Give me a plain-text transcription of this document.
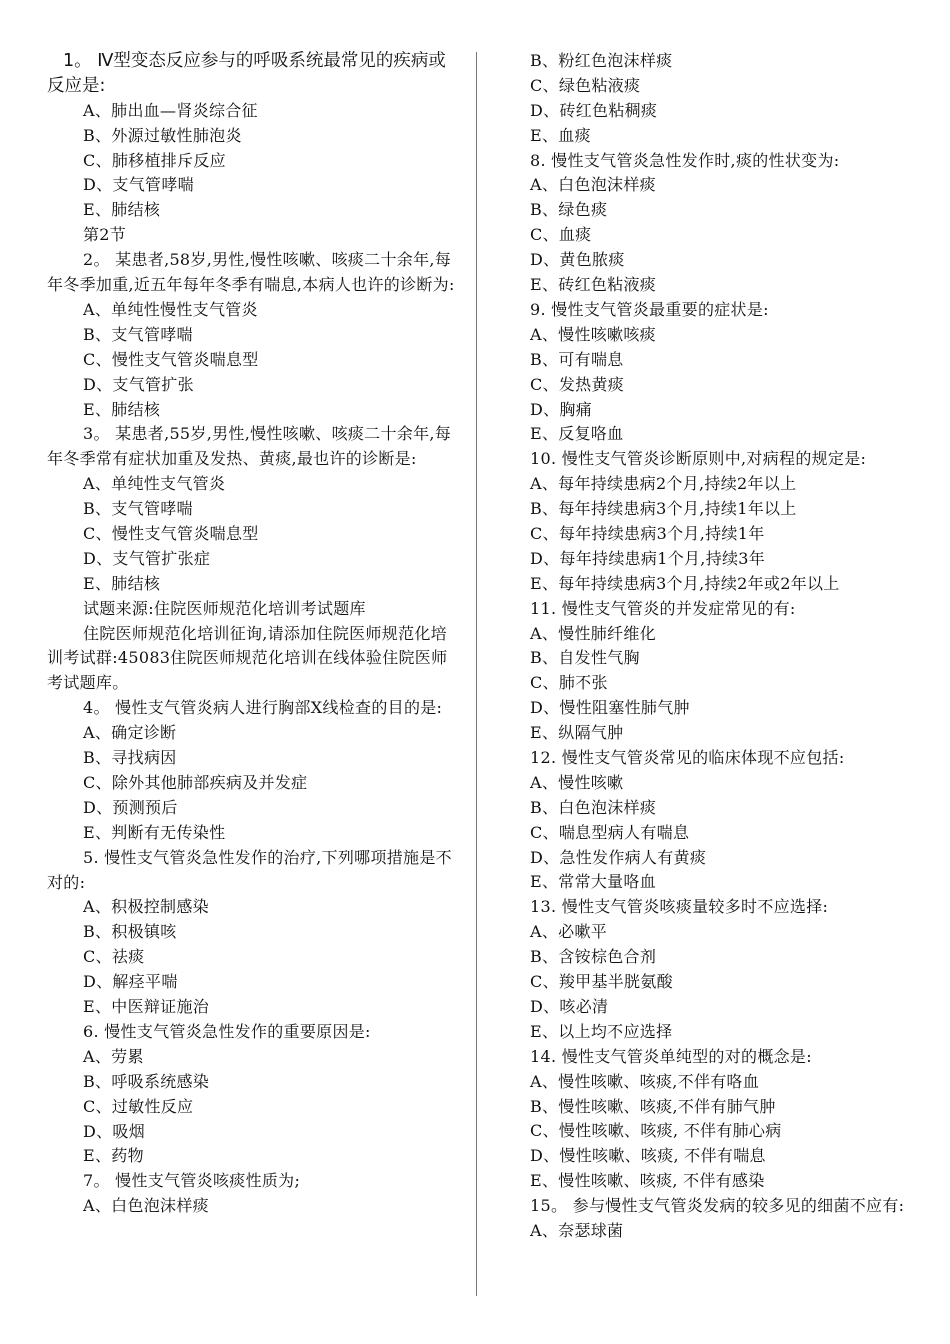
1。 Ⅳ型变态反应参与的呼吸系统最常见的疾病或反应是:
A、肺出血—肾炎综合征
B、外源过敏性肺泡炎
C、肺移植排斥反应
D、支气管哮喘
E、肺结核
第2节
2。 某患者,58岁,男性,慢性咳嗽、咳痰二十余年,每年冬季加重,近五年每年冬季有喘息,本病人也许的诊断为:
A、单纯性慢性支气管炎
B、支气管哮喘
C、慢性支气管炎喘息型
D、支气管扩张
E、肺结核
3。 某患者,55岁,男性,慢性咳嗽、咳痰二十余年,每年冬季常有症状加重及发热、黄痰,最也许的诊断是:
A、单纯性支气管炎
B、支气管哮喘
C、慢性支气管炎喘息型
D、支气管扩张症
E、肺结核
试题来源:住院医师规范化培训考试题库
住院医师规范化培训征询,请添加住院医师规范化培训考试群:45083住院医师规范化培训在线体验住院医师考试题库。
4。 慢性支气管炎病人进行胸部X线检查的目的是:
A、确定诊断
B、寻找病因
C、除外其他肺部疾病及并发症
D、预测预后
E、判断有无传染性
5. 慢性支气管炎急性发作的治疗,下列哪项措施是不对的:
A、积极控制感染
B、积极镇咳
C、祛痰
D、解痉平喘
E、中医辩证施治
6. 慢性支气管炎急性发作的重要原因是:
A、劳累
B、呼吸系统感染
C、过敏性反应
D、吸烟
E、药物
7。 慢性支气管炎咳痰性质为;
A、白色泡沫样痰
B、粉红色泡沫样痰
C、绿色粘液痰
D、砖红色粘稠痰
E、血痰
8. 慢性支气管炎急性发作时,痰的性状变为:
A、白色泡沫样痰
B、绿色痰
C、血痰
D、黄色脓痰
E、砖红色粘液痰
9. 慢性支气管炎最重要的症状是:
A、慢性咳嗽咳痰
B、可有喘息
C、发热黄痰
D、胸痛
E、反复咯血
10. 慢性支气管炎诊断原则中,对病程的规定是:
A、每年持续患病2个月,持续2年以上
B、每年持续患病3个月,持续1年以上
C、每年持续患病3个月,持续1年
D、每年持续患病1个月,持续3年
E、每年持续患病3个月,持续2年或2年以上
11. 慢性支气管炎的并发症常见的有:
A、慢性肺纤维化
B、自发性气胸
C、肺不张
D、慢性阻塞性肺气肿
E、纵隔气肿
12. 慢性支气管炎常见的临床体现不应包括:
A、慢性咳嗽
B、白色泡沫样痰
C、喘息型病人有喘息
D、急性发作病人有黄痰
E、常常大量咯血
13. 慢性支气管炎咳痰量较多时不应选择:
A、必嗽平
B、含铵棕色合剂
C、羧甲基半胱氨酸
D、咳必清
E、以上均不应选择
14. 慢性支气管炎单纯型的对的概念是:
A、慢性咳嗽、咳痰,不伴有咯血
B、慢性咳嗽、咳痰,不伴有肺气肿
C、慢性咳嗽、咳痰, 不伴有肺心病
D、慢性咳嗽、咳痰, 不伴有喘息
E、慢性咳嗽、咳痰, 不伴有感染
15。 参与慢性支气管炎发病的较多见的细菌不应有:
A、奈瑟球菌
